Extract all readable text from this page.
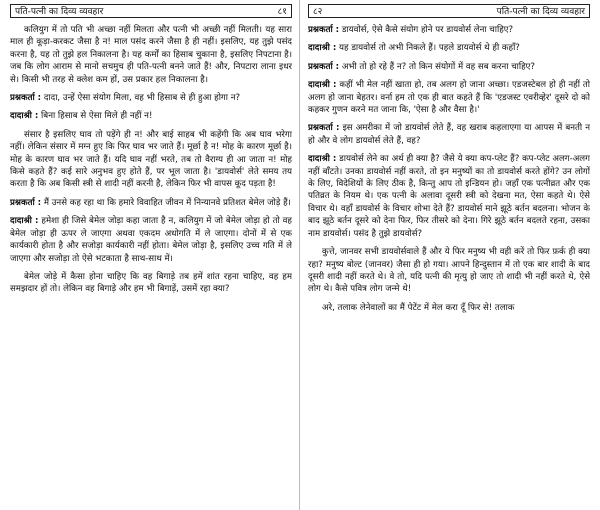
पति-पत्नी का दिव्य व्यवहार	८१

कलियुग में तो पति भी अच्छा नहीं मिलता और पत्नी भी अच्छी नहीं मिलती। यह सारा माल ही कूड़ा-करकट जैसा है न! माल पसंद करने जैसा है ही नहीं। इसलिए, यह तुझे पसंद करना है, यह तो तुझे हल निकालना है। यह कर्मों का हिसाब चुकाना है, इसलिए निपटाना है। जब कि लोग आराम से मानो सचमुच ही पति-पत्नी बनने जाते हैं! और, निपटारा लाना इधर से। किसी भी तरह से क्लेश कम हों, उस प्रकार हल निकालना है।

प्रश्नकर्ता : दादा, उन्हें ऐसा संयोग मिला, वह भी हिसाब से ही हुआ होगा न?

दादाश्री : बिना हिसाब से ऐसा मिले ही नहीं न!

संसार है इसलिए घाव तो पड़ेंगे ही न! और बाई साहब भी कहेंगी कि अब घाव भरेगा नहीं। लेकिन संसार में मग्न हुए कि फिर घाव भर जाते हैं। मूर्छा है न! मोह के कारण मूर्छा है। मोह के कारण घाव भर जाते हैं। यदि घाव नहीं भरते, तब तो वैराग्य ही आ जाता न! मोह किसे कहते हैं? कई सारे अनुभव हुए होते हैं, पर भूल जाता है। 'डायवोर्स' लेते समय तय करता है कि अब किसी स्त्री से शादी नहीं करनी है, लेकिन फिर भी वापस कूद पड़ता है!

प्रश्नकर्ता : मैं उनसे कह रहा था कि हमारे विवाहित जीवन में निन्यानवे प्रतिशत बेमेल जोड़े हैं।

दादाश्री : हमेशा ही जिसे बेमेल जोड़ा कहा जाता है न, कलियुग में जो बेमेल जोड़ा हो तो वह बेमेल जोड़ा ही ऊपर ले जाएगा अथवा एकदम अधोगति में ले जाएगा। दोनों में से एक कार्यकारी होता है और सजोड़ा कार्यकारी नहीं होता। बेमेल जोड़ा है, इसलिए उच्च गति में ले जाएगा और सजोड़ा तो ऐसे भटकाता है साथ-साथ में।

बेमेल जोड़े में कैसा होना चाहिए कि वह बिगाड़े तब हमें शांत रहना चाहिए, वह हम समझदार हों तो। लेकिन वह बिगाड़े और हम भी बिगाड़ें, उसमें रहा क्या?

८२	पति-पत्नी का दिव्य व्यवहार

प्रश्नकर्ता : डायवोर्स, ऐसे कैसे संयोग होने पर डायवोर्स लेना चाहिए?

दादाश्री : यह डायवोर्स तो अभी निकले हैं। पहले डायवोर्स थे ही कहाँ?

प्रश्नकर्ता : अभी तो हो रहे हैं न? तो किन संयोगों में वह सब करना चाहिए?

दादाश्री : कहीं भी मेल नहीं खाता हो, तब अलग हो जाना अच्छा। एडजस्टेबल हो ही नहीं तो अलग हो जाना बेहतर। वर्ना हम तो एक ही बात कहते हैं कि 'एडजस्ट एवरीव्हेर' दूसरे दो को कहकर गुणन करने मत जाना कि, 'ऐसा है और वैसा है।'

प्रश्नकर्ता : इस अमरीका में जो डायवोर्स लेते हैं, वह खराब कहलाएगा या आपस में बनती न हो और वे लोग डायवोर्स लेते हैं, वह?

दादाश्री : डायवोर्स लेने का अर्थ ही क्या है? जैसे ये क्या कप-प्लेट हैं? कप-प्लेट अलग-अलग नहीं बाँटते। उनका डायवोर्स नहीं करते, तो इन मनुष्यों का तो डायवोर्स करते होंगे? उन लोगों के लिए, विदेशियों के लिए ठीक है, किन्तु आप तो इन्डियन हो। जहाँ एक पत्नीव्रत और एक पतिव्रत के नियम थे। एक पत्नी के अलावा दूसरी स्त्री को देखना मत, ऐसा कहते थे। ऐसे विचार थे। वहाँ डायवोर्स के विचार शोभा देते हैं? डायवोर्स माने झूठे बर्तन बदलना। भोजन के बाद झूठे बर्तन दूसरे को देना फिर, फिर तीसरे को देना। गिरे झूठे बर्तन बदलते रहना, उसका नाम डायवोर्स। पसंद है तुझे डायवोर्स?

कुत्ते, जानवर सभी डायवोर्सवाले हैं और ये फिर मनुष्य भी वही करें तो फिर फ़र्क ही क्या रहा? मनुष्य बोल्ट (जानवर) जैसा ही हो गया। आपने हिन्दुस्तान में तो एक बार शादी के बाद दूसरी शादी नहीं करते थे। वे तो, यदि पत्नी की मृत्यु हो जाए तो शादी भी नहीं करते थे, ऐसे लोग थे। कैसे पवित्र लोग जन्मे थे!

अरे, तलाक लेनेवालों का मैं पेटेंट में मेल करा दूँ फिर से! तलाक
